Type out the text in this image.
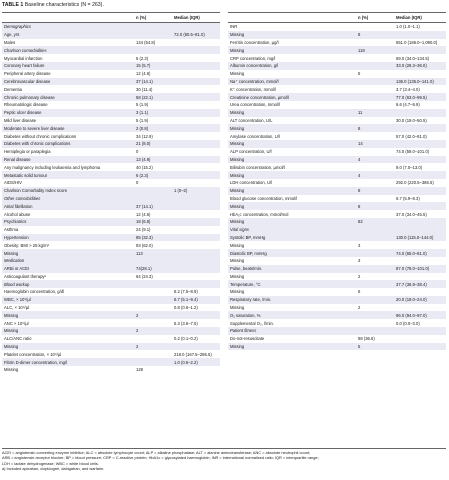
TABLE 1 Baseline characteristics (N = 263).
n (%)	Median (IQR)
Demographics
Age, yrs	72.0 (60.5–81.0)
Males	144 (54.8)
Charlson comorbidities
Myocardial infarction	6 (2.3)
Coronary heart failure	15 (5.7)
Peripheral artery disease	12 (4.6)
Cerebrovascular disease	37 (14.1)
Dementia	30 (11.4)
Chronic pulmonary disease	58 (22.1)
Rheumatologic disease	5 (1.9)
Peptic ulcer disease	3 (1.1)
Mild liver disease	5 (1.9)
Moderate to severe liver disease	2 (0.8)
Diabetes without chronic complications	34 (12.9)
Diabetes with chronic complications	21 (8.0)
Hemiplegia or paraplegia	0
Renal disease	13 (4.9)
Any malignancy including leukaemia and lymphoma	40 (15.2)
Metastatic solid tumour	6 (2.3)
AIDS/HIV	0
Charlson Comorbidity Index score	1 (0–2)
Other comorbidities
Atrial fibrillation	37 (14.1)
Alcohol abuse	12 (4.6)
Psychiatrics	18 (6.8)
Asthma	24 (9.1)
Hypertension	85 (32.3)
Obesity: BMI > 25 kg/m²	93 (62.0)
Missing	113
Medication
ARBi or ACEI	74(28.1)
Anticoagulant therapyᵃ	64 (24.3)
Blood workup
Haemoglobin concentration, g/dl	8.2 (7.5–8.9)
WBC, × 10⁹/µl	6.7 (5.1–9.4)
ALC, × 10⁹/µl	0.8 (0.6–1.2)
Missing	2
ANC × 10⁹/µl	5.3 (3.6–7.5)
Missing	2
ALC/ANC ratio	0.2 (0.1–0.2)
Missing	2
Platelet concentration, × 10⁹/µl	218.0 (167.5–286.5)
Fibrin D-dimer concentration, mg/l	1.0 (0.6–2.2)
Missing	128
n (%)	Median (IQR)
INR	1.0 (1.0–1.1)
Missing	8
Ferritin concentration, µg/l	551.0 (186.0–1,090.0)
Missing	119
CRP concentration, mg/l	69.0 (34.0–134.5)
Albumin concentration, g/l	33.0 (28.3–36.0)
Missing	5
Na⁺ concentration, mmol/l	136.0 (135.0–141.0)
K⁺ concentration, mmol/l	3.7 (3.4–4.0)
Creatinine concentration, µmol/l	77.0 (63.0–99.5)
Urea concentration, mmol/l	6.6 (4.7–9.9)
Missing	11
ALT concentration, U/L	30.0 (19.0–50.5)
Missing	8
Amylase concentration, U/l	57.0 (42.0–81.0)
Missing	14
ALP concentration, U/l	74.0 (59.0–101.0)
Missing	4
Bilirubin concentration, µmol/l	9.0 (7.0–13.0)
Missing	4
LDH concentration, U/l	292.0 (220.5–386.5)
Missing	8
Blood glucose concentration, mmol/l	6.7 (5.9–8.3)
Missing	8
HbA₁c concentration, mmol/mol	37.0 (34.0–45.5)
Missing	82
Vital signs
Systolic BP, mmHg	130.0 (115.0–144.0)
Missing	3
Diastolic BP, mmHg	74.0 (65.0–81.0)
Missing	3
Pulse, beats/min.	87.0 (78.0–101.0)
Missing	2
Temperature, °C	37.7 (36.9–38.4)
Missing	6
Respiratory rate, /min.	20.0 (18.0–24.0)
Missing	2
O₂ saturation, %	96.0 (94.0–97.0)
Supplemental O₂, l/min.	0.0 (0.0–3.0)
Patient fitness
Do-not-resuscitate	98 (36.6)
Missing	5
ACEI = angiotensin converting enzyme inhibitor; ALC = absolute lymphocyte count; ALP = alkaline phosphatase; ALT = alanine aminotransferase; ANC = absolute neutrophil count;
ARB = angiotensin-receptor blocker; BP = blood pressure; CRP = C-reactive protein; HbA1c = glycosylated haemoglobin; INR = international normalised ratio; IQR = interquartile range;
LDH = lactate dehydrogenase; WBC = white blood cells.
a) Included apixaban, clopidogrel, dabigatran, and warfarin.
